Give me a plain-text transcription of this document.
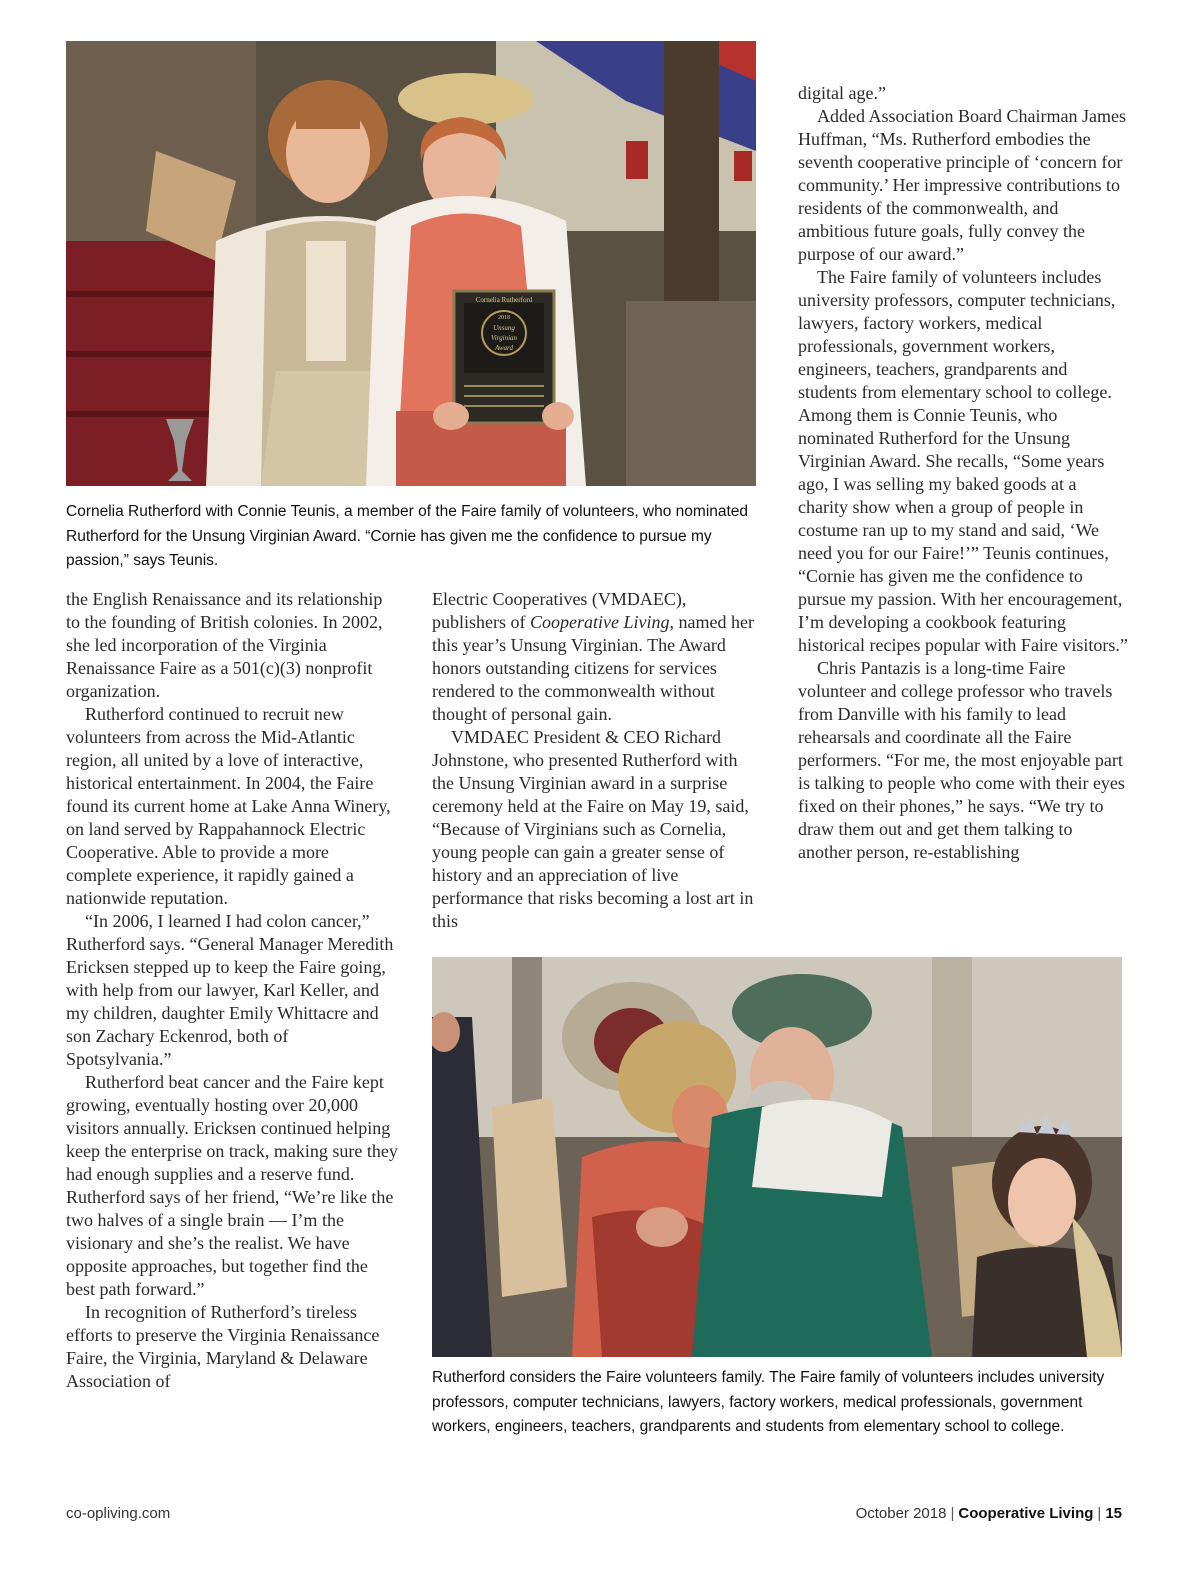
Cornelia Rutherford
2018
Unsung
Virginian
Award

Cornelia Rutherford with Connie Teunis, a member of the Faire family of volunteers, who nominated Rutherford for the Unsung Virginian Award. “Cornie has given me the confidence to pursue my passion,” says Teunis.

the English Renaissance and its relationship to the founding of British colonies. In 2002, she led incorporation of the Virginia Renaissance Faire as a 501(c)(3) nonprofit organization.

Rutherford continued to recruit new volunteers from across the Mid-Atlantic region, all united by a love of interactive, historical entertainment. In 2004, the Faire found its current home at Lake Anna Winery, on land served by Rappahannock Electric Cooperative. Able to provide a more complete experience, it rapidly gained a nationwide reputation.

“In 2006, I learned I had colon cancer,” Rutherford says. “General Manager Meredith Ericksen stepped up to keep the Faire going, with help from our lawyer, Karl Keller, and my children, daughter Emily Whittacre and son Zachary Eckenrod, both of Spotsylvania.”

Rutherford beat cancer and the Faire kept growing, eventually hosting over 20,000 visitors annually. Ericksen continued helping keep the enterprise on track, making sure they had enough supplies and a reserve fund. Rutherford says of her friend, “We’re like the two halves of a single brain — I’m the visionary and she’s the realist. We have opposite approaches, but together find the best path forward.”

In recognition of Rutherford’s tireless efforts to preserve the Virginia Renaissance Faire, the Virginia, Maryland & Delaware Association of

Electric Cooperatives (VMDAEC), publishers of Cooperative Living, named her this year’s Unsung Virginian. The Award honors outstanding citizens for services rendered to the commonwealth without thought of personal gain.

VMDAEC President & CEO Richard Johnstone, who presented Rutherford with the Unsung Virginian award in a surprise ceremony held at the Faire on May 19, said, “Because of Virginians such as Cornelia, young people can gain a greater sense of history and an appreciation of live performance that risks becoming a lost art in this

digital age.”

Added Association Board Chairman James Huffman, “Ms. Rutherford embodies the seventh cooperative principle of ‘concern for community.’ Her impressive contributions to residents of the commonwealth, and ambitious future goals, fully convey the purpose of our award.”

The Faire family of volunteers includes university professors, computer technicians, lawyers, factory workers, medical professionals, government workers, engineers, teachers, grandparents and students from elementary school to college. Among them is Connie Teunis, who nominated Rutherford for the Unsung Virginian Award. She recalls, “Some years ago, I was selling my baked goods at a charity show when a group of people in costume ran up to my stand and said, ‘We need you for our Faire!’” Teunis continues, “Cornie has given me the confidence to pursue my passion. With her encouragement, I’m developing a cookbook featuring historical recipes popular with Faire visitors.”

Chris Pantazis is a long-time Faire volunteer and college professor who travels from Danville with his family to lead rehearsals and coordinate all the Faire performers. “For me, the most enjoyable part is talking to people who come with their eyes fixed on their phones,” he says. “We try to draw them out and get them talking to another person, re-establishing

Rutherford considers the Faire volunteers family. The Faire family of volunteers includes university professors, computer technicians, lawyers, factory workers, medical professionals, government workers, engineers, teachers, grandparents and students from elementary school to college.

co-opliving.com	October 2018 | Cooperative Living | 15
